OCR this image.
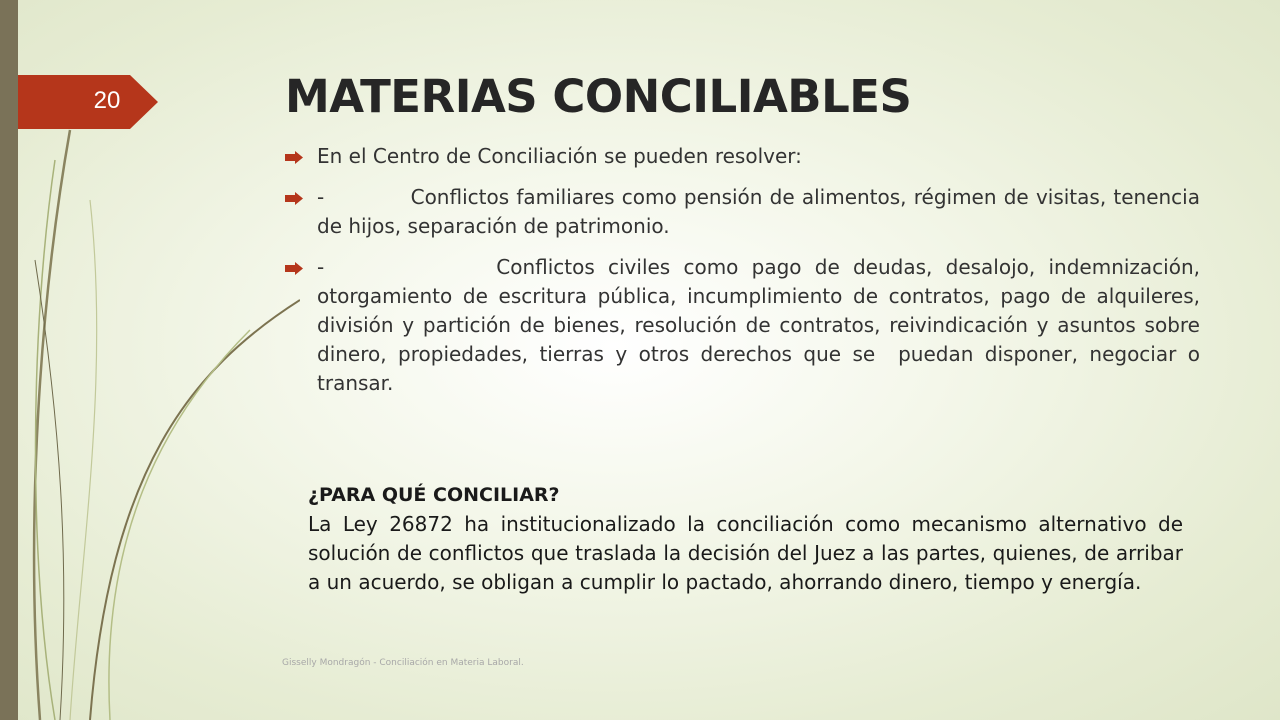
20	MATERIAS CONCILIABLES
En el Centro de Conciliación se pueden resolver:
-            Conflictos familiares como pensión de alimentos, régimen de visitas, tenencia de hijos, separación de patrimonio.
-             Conflictos civiles como pago de deudas, desalojo, indemnización, otorgamiento de escritura pública, incumplimiento de contratos, pago de alquileres, división y partición de bienes, resolución de contratos, reivindicación y asuntos sobre dinero, propiedades, tierras y otros derechos que se  puedan disponer, negociar o transar.

¿PARA QUÉ CONCILIAR?

La Ley 26872 ha institucionalizado la conciliación como mecanismo alternativo de solución de conflictos que traslada la decisión del Juez a las partes, quienes, de arribar a un acuerdo, se obligan a cumplir lo pactado, ahorrando dinero, tiempo y energía.

Gisselly Mondragón - Conciliación en Materia Laboral.
